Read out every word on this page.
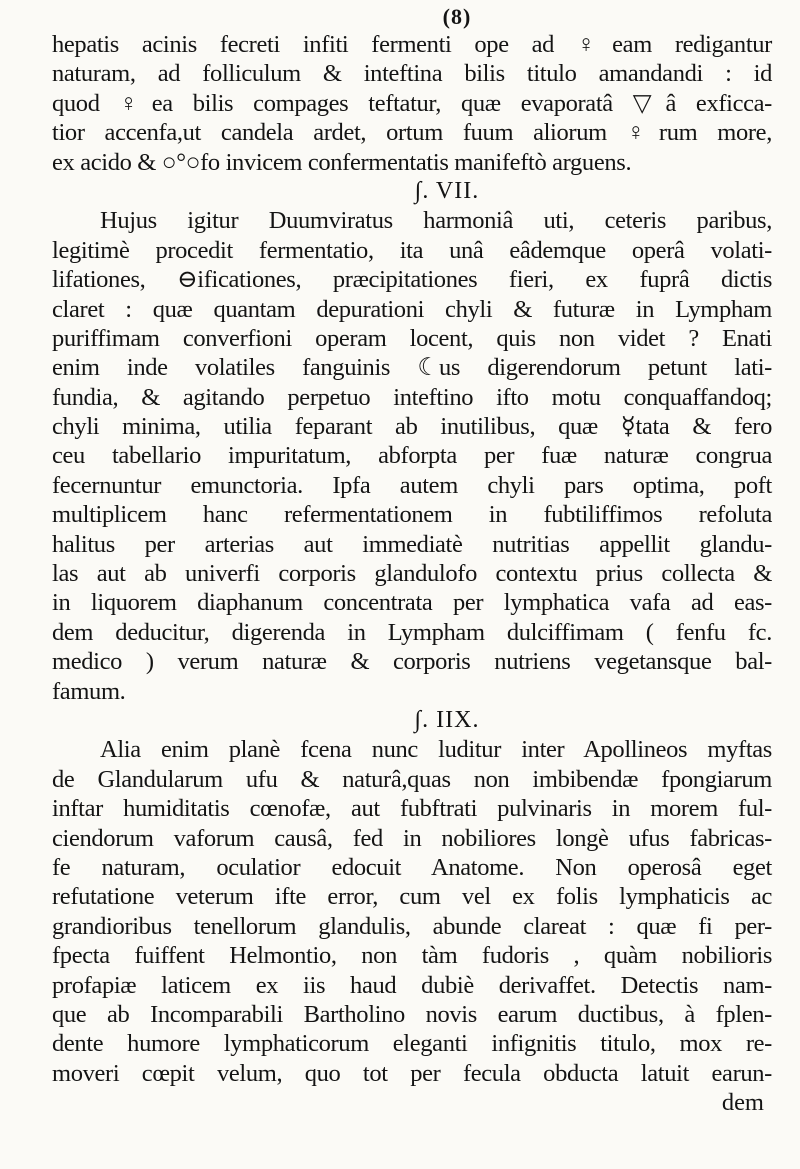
(8)
hepatis acinis fecreti infiti fermenti ope ad ♀eam redigantur
naturam, ad folliculum & inteftina bilis titulo amandandi : id
quod ♀ea bilis compages teftatur, quæ evaporatâ ▽â exficca-
tior accenfa,ut candela ardet, ortum fuum aliorum ♀rum more,
ex acido & ○°○fo invicem confermentatis manifeftò arguens.
∫. VII.
Hujus igitur Duumviratus harmoniâ uti, ceteris paribus,
legitimè procedit fermentatio, ita unâ eâdemque operâ volati-
lifationes, ⊖ificationes, præcipitationes fieri, ex fuprâ dictis
claret : quæ quantam depurationi chyli & futuræ in Lympham
puriffimam converfioni operam locent, quis non videt ? Enati
enim inde volatiles fanguinis ☾us digerendorum petunt lati-
fundia, & agitando perpetuo inteftino ifto motu conquaffandoq;
chyli minima, utilia feparant ab inutilibus, quæ ☿tata & fero
ceu tabellario impuritatum, abforpta per fuæ naturæ congrua
fecernuntur emunctoria. Ipfa autem chyli pars optima, poft
multiplicem hanc refermentationem in fubtiliffimos refoluta
halitus per arterias aut immediatè nutritias appellit glandu-
las aut ab univerfi corporis glandulofo contextu prius collecta &
in liquorem diaphanum concentrata per lymphatica vafa ad eas-
dem deducitur, digerenda in Lympham dulciffimam ( fenfu fc.
medico ) verum naturæ & corporis nutriens vegetansque bal-
famum.
∫. IIX.
Alia enim planè fcena nunc luditur inter Apollineos myftas
de Glandularum ufu & naturâ,quas non imbibendæ fpongiarum
inftar humiditatis cœnofæ, aut fubftrati pulvinaris in morem ful-
ciendorum vaforum causâ, fed in nobiliores longè ufus fabricas-
fe naturam, oculatior edocuit Anatome. Non operosâ eget
refutatione veterum ifte error, cum vel ex folis lymphaticis ac
grandioribus tenellorum glandulis, abunde clareat : quæ fi per-
fpecta fuiffent Helmontio, non tàm fudoris , quàm nobilioris
profapiæ laticem ex iis haud dubiè derivaffet. Detectis nam-
que ab Incomparabili Bartholino novis earum ductibus, à fplen-
dente humore lymphaticorum eleganti infignitis titulo, mox re-
moveri cœpit velum, quo tot per fecula obducta latuit earun-
dem
